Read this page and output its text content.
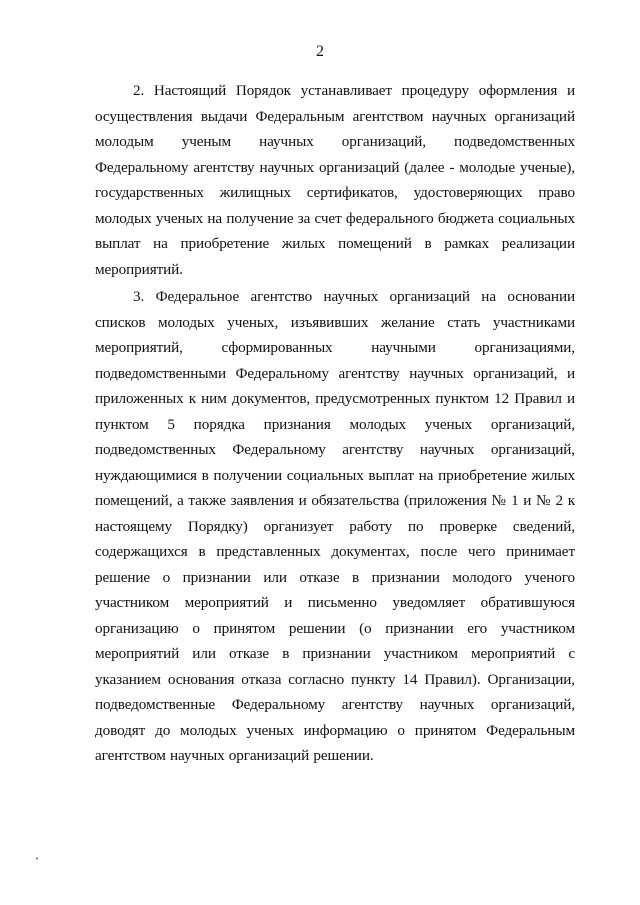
2

2. Настоящий Порядок устанавливает процедуру оформления и осуществления выдачи Федеральным агентством научных организаций молодым ученым научных организаций, подведомственных Федеральному агентству научных организаций (далее - молодые ученые), государственных жилищных сертификатов, удостоверяющих право молодых ученых на получение за счет федерального бюджета социальных выплат на приобретение жилых помещений в рамках реализации мероприятий.

3. Федеральное агентство научных организаций на основании списков молодых ученых, изъявивших желание стать участниками мероприятий, сформированных научными организациями, подведомственными Федеральному агентству научных организаций, и приложенных к ним документов, предусмотренных пунктом 12 Правил и пунктом 5 порядка признания молодых ученых организаций, подведомственных Федеральному агентству научных организаций, нуждающимися в получении социальных выплат на приобретение жилых помещений, а также заявления и обязательства (приложения № 1 и № 2 к настоящему Порядку) организует работу по проверке сведений, содержащихся в представленных документах, после чего принимает решение о признании или отказе в признании молодого ученого участником мероприятий и письменно уведомляет обратившуюся организацию о принятом решении (о признании его участником мероприятий или отказе в признании участником мероприятий с указанием основания отказа согласно пункту 14 Правил). Организации, подведомственные Федеральному агентству научных организаций, доводят до молодых ученых информацию о принятом Федеральным агентством научных организаций решении.
